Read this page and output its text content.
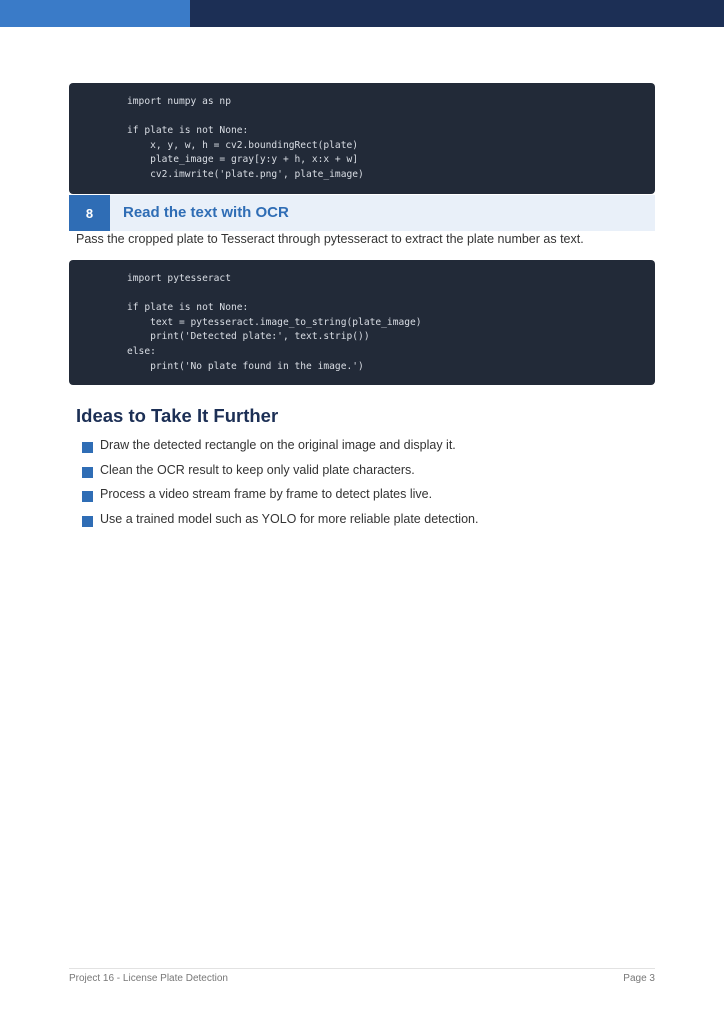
import numpy as np

if plate is not None:
x, y, w, h = cv2.boundingRect(plate)
plate_image = gray[y:y + h, x:x + w]
cv2.imwrite('plate.png', plate_image)
8	Read the text with OCR
Pass the cropped plate to Tesseract through pytesseract to extract the plate number as text.
import pytesseract

if plate is not None:
text = pytesseract.image_to_string(plate_image)
print('Detected plate:', text.strip())
else:
print('No plate found in the image.')
Ideas to Take It Further
Draw the detected rectangle on the original image and display it.
Clean the OCR result to keep only valid plate characters.
Process a video stream frame by frame to detect plates live.
Use a trained model such as YOLO for more reliable plate detection.
Project 16 - License Plate Detection	Page 3
